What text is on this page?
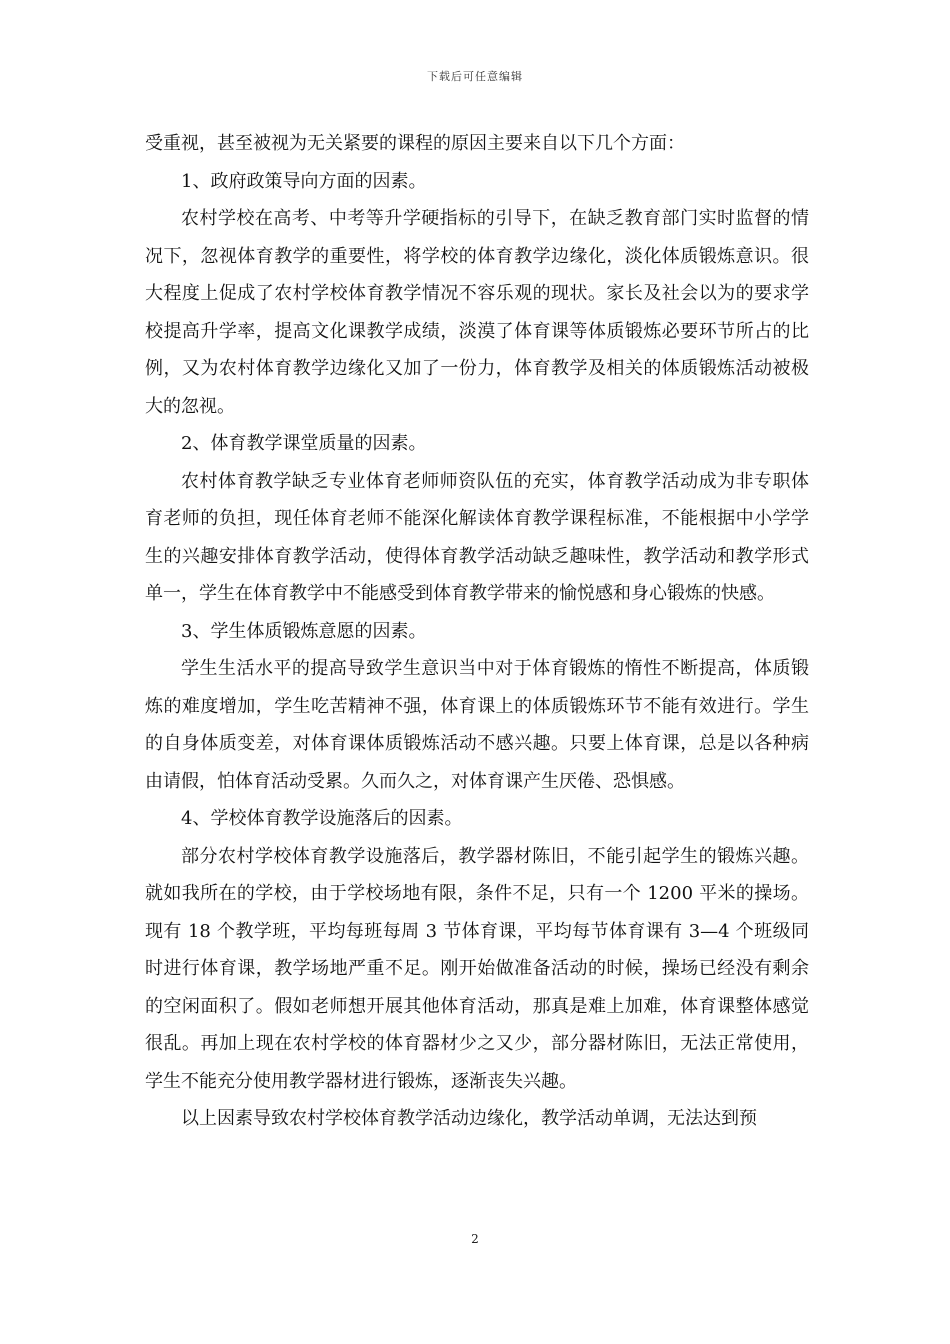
下载后可任意编辑

受重视，甚至被视为无关紧要的课程的原因主要来自以下几个方面：

1、政府政策导向方面的因素。

农村学校在高考、中考等升学硬指标的引导下，在缺乏教育部门实时监督的情况下，忽视体育教学的重要性，将学校的体育教学边缘化，淡化体质锻炼意识。很大程度上促成了农村学校体育教学情况不容乐观的现状。家长及社会以为的要求学校提高升学率，提高文化课教学成绩，淡漠了体育课等体质锻炼必要环节所占的比例，又为农村体育教学边缘化又加了一份力，体育教学及相关的体质锻炼活动被极大的忽视。

2、体育教学课堂质量的因素。

农村体育教学缺乏专业体育老师师资队伍的充实，体育教学活动成为非专职体育老师的负担，现任体育老师不能深化解读体育教学课程标准，不能根据中小学学生的兴趣安排体育教学活动，使得体育教学活动缺乏趣味性，教学活动和教学形式单一，学生在体育教学中不能感受到体育教学带来的愉悦感和身心锻炼的快感。

3、学生体质锻炼意愿的因素。

学生生活水平的提高导致学生意识当中对于体育锻炼的惰性不断提高，体质锻炼的难度增加，学生吃苦精神不强，体育课上的体质锻炼环节不能有效进行。学生的自身体质变差，对体育课体质锻炼活动不感兴趣。只要上体育课，总是以各种病由请假，怕体育活动受累。久而久之，对体育课产生厌倦、恐惧感。

4、学校体育教学设施落后的因素。

部分农村学校体育教学设施落后，教学器材陈旧，不能引起学生的锻炼兴趣。就如我所在的学校，由于学校场地有限，条件不足，只有一个 1200 平米的操场。现有 18 个教学班，平均每班每周 3 节体育课，平均每节体育课有 3—4 个班级同时进行体育课，教学场地严重不足。刚开始做准备活动的时候，操场已经没有剩余的空闲面积了。假如老师想开展其他体育活动，那真是难上加难，体育课整体感觉很乱。再加上现在农村学校的体育器材少之又少，部分器材陈旧，无法正常使用，学生不能充分使用教学器材进行锻炼，逐渐丧失兴趣。

以上因素导致农村学校体育教学活动边缘化，教学活动单调，无法达到预

2
